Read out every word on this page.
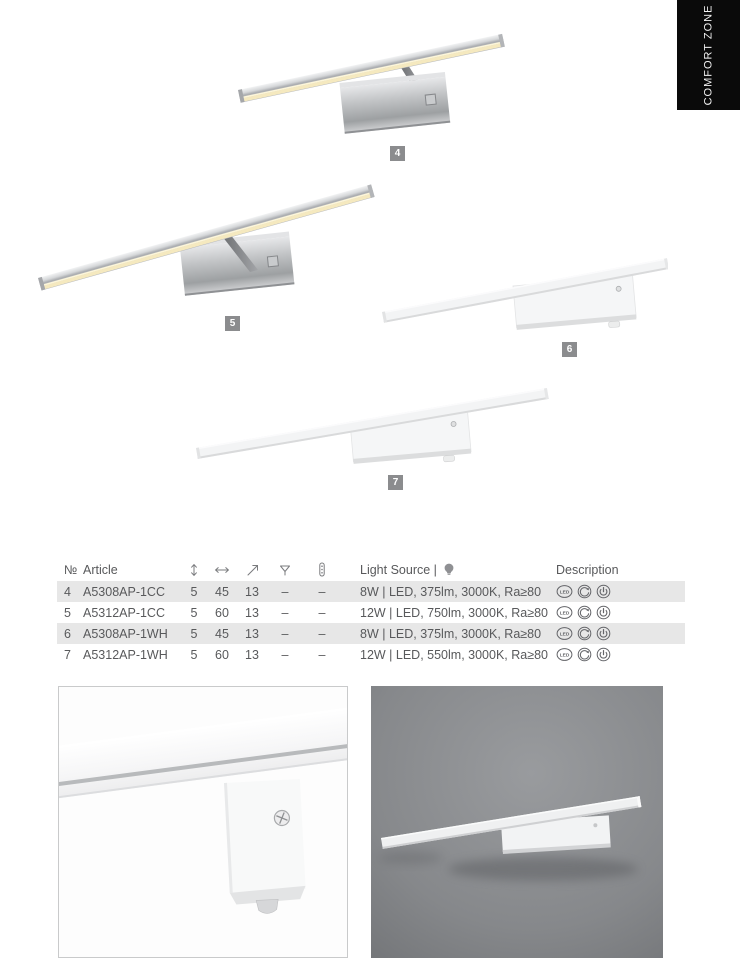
COMFORT ZONE
4
5
6
7
№ Article	Light Source |	Description
4 A5308AP-1CC	5	45	13	–	–	8W | LED, 375lm, 3000K, Ra≥80	LED
5 A5312AP-1CC	5	60	13	–	–	12W | LED, 750lm, 3000K, Ra≥80	LED
6 A5308AP-1WH	5	45	13	–	–	8W | LED, 375lm, 3000K, Ra≥80	LED
7 A5312AP-1WH	5	60	13	–	–	12W | LED, 550lm, 3000K, Ra≥80	LED
